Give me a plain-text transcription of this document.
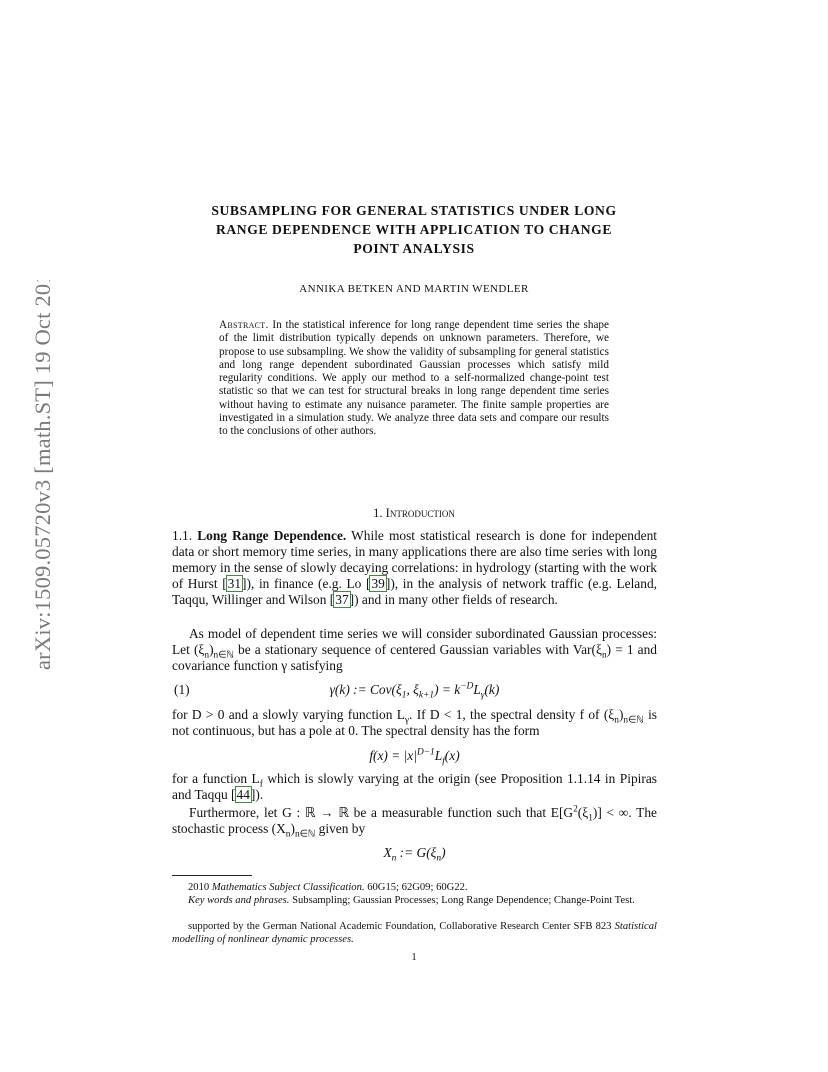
arXiv:1509.05720v3 [math.ST] 19 Oct 2016
SUBSAMPLING FOR GENERAL STATISTICS UNDER LONG
RANGE DEPENDENCE WITH APPLICATION TO CHANGE
POINT ANALYSIS
ANNIKA BETKEN AND MARTIN WENDLER
Abstract. In the statistical inference for long range dependent time series the shape of the limit distribution typically depends on unknown parameters. Therefore, we propose to use subsampling. We show the validity of subsampling for general statistics and long range dependent subordinated Gaussian processes which satisfy mild regularity conditions. We apply our method to a self-normalized change-point test statistic so that we can test for structural breaks in long range dependent time series without having to estimate any nuisance parameter. The finite sample properties are investigated in a simulation study. We analyze three data sets and compare our results to the conclusions of other authors.
1. Introduction
1.1. Long Range Dependence. While most statistical research is done for independent data or short memory time series, in many applications there are also time series with long memory in the sense of slowly decaying correlations: in hydrology (starting with the work of Hurst [31]), in finance (e.g. Lo [39]), in the analysis of network traffic (e.g. Leland, Taqqu, Willinger and Wilson [37]) and in many other fields of research.
As model of dependent time series we will consider subordinated Gaussian processes: Let $(\xi_n)_{n\in ℕ}$ be a stationary sequence of centered Gaussian variables with $Var(\xi_n) = 1$ and covariance function γ satisfying
(1)	γ(k) := $Cov(\xi_1$, $\xi_{k+1}) = k^{-D}L_\gamma(k)$
for D > 0 and a slowly varying function $L_\gamma$. If D < 1, the spectral density f of $(\xi_n)_{n\in ℕ}$ is not continuous, but has a pole at 0. The spectral density has the form
$f(x) = |x|^{D-1}L_f(x)$
for a function $L_f$ which is slowly varying at the origin (see Proposition 1.1.14 in Pipiras and Taqqu [44]).
Furthermore, let G : ℝ → ℝ be a measurable function such that $E[G^2(\xi_1)]$ < ∞. The stochastic process $(X_n)_{n\in ℕ}$ given by
$X_n$ := $G(\xi_n)$
2010 Mathematics Subject Classification. 60G15; 62G09; 60G22.
Key words and phrases. Subsampling; Gaussian Processes; Long Range Dependence; Change-Point Test.
supported by the German National Academic Foundation, Collaborative Research Center SFB 823 Statistical modelling of nonlinear dynamic processes.
1
